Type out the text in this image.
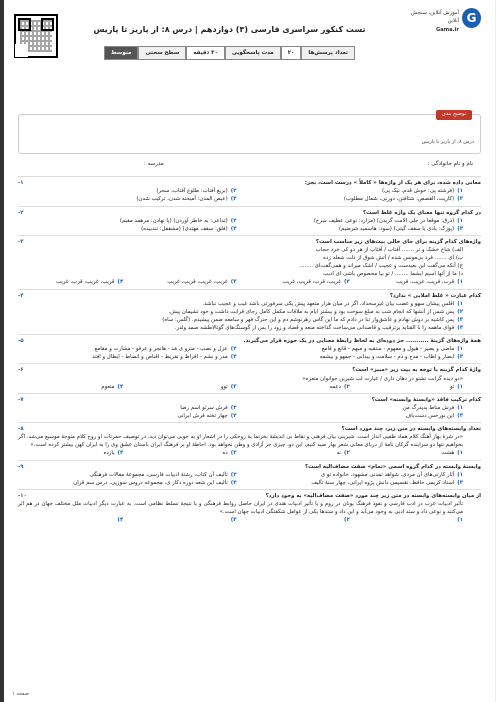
G
آموزش آنلاین، سنجش آنلاین
Gama.ir
تست کنکور سراسری فارسی (۳) دوازدهم | درس ۸: از پاریز تا پاریس
تعداد پرسش‌ها
۲۰
مدت پاسخگویی
۳۰ دقیقه
سطح سختی
متوسط
توضیح بندی
درس ۸: از پاریز تا پاریس
نام و نام خانوادگی :
مدرسه :
معانی داده شده، برای هر یک از واژه‌ها « کاملاً » درست است، بجز:
۱-
۱)
(فرشته پی: خوش قدم، نیک پی)
۲)
(بریغ آفتاب: طلوع آفتاب، سحر)
۳)
(کاریت، القصص: شتافتن، دورنی، شمال مطلوب)
۴)
(عیص المدن: آمیخته شدن، ترکیب شدن)
در کدام گروه تنها معنای یک واژه غلط است؟
۲-
۱)
(ذرق: موقعا در جلی الامت گزیدن) (مزارد: نوعی عطیف سرخ)
۲)
(تداعی: به خاطر آوردن) (پا نهادن: مرهمد مقیم)
۳)
(پوزک: یادی یا سقف گیتی) (سود: هاسمید شرضیم)
۴)
(فلق: سقف مهتدی) (مشقفل: تندبیده)
واژه‌های کدام گزینه برای جای خالی بیت‌های زیر مناسب است؟
۳-
الف) شاخ خشک و تر ....... آفتاب / آفتاب از هر دو کی خرد حجاب
ب) ای ....... فرد بی‌مونس شده / آتش شوق از دلت شعله زده
ج) آنکه می‌گفت این بعیدست و عجیب / اشک میراند و همی‌گفت‌ای ........
د) ما از آتها اسیم ایشما ........ / تو بیا محصوص باشی ای ادیب
۱)
قرب، قریب، غریب، قریب
۲)
غریب، قرب، قریب، غریب
۳)
غریب، غریب، قریب، غریب
۴)
قریب، غریب، قرب، غریب
کدام عبارت « غلط املایی » ندارد؟
۴-
۱)
اقلس پیشان سهو و غضب بیان غیرسحداد، اگر در میان هزار متعهد پیش یکی سرفورتی باشد غیب و عجیب نباشد.
۲)
پس شس از آنشها که انجام شب به مبلغ سوخت بود و بیشتر ایام به ملاقات مکمل کامل رجای قرابت داشت و خود تشیمان پیش.
۳)
پس کاشیه بر دوش نهادم و عاشق‌وار تنا در دادم که ما این گاس زهرنوشم دم و این جنرگ قهر و سامعه ضمن پیشیدم. (گلس: ساه)
۴)
قوای ماهمه را با القنایه برترقیب و قاصدانی می‌ساخت گذاخته منعه و قصاد و زود را بس از گوسنگ‌های گوتالاطشه صمد ولدر.
همهٔ واژه‌های گزینهٔ ........... جز دوده‌ای به لحاظ رابطهٔ معنایی در یک حوزه قرار می‌گیرند.
۵-
۱)
ماضی و بصیر - هیول و مفهوم - منتقبه و مبهم - قانع و قامع
۲)
عزل و نصب - منزو ی مَد - هانجر و عرقو - مشارت و مقامع
۳)
ابصار و اظاب - مدح و ذم - سلامت و بیدانی - جمهو و بیشمه
۴)
مدر و نشم - افراط و تفریط - اقناص و انصاط - ابطال و افتد
واژهٔ کدام گزینه با توجه به بیت زیر «مبیز» است؟
۶-
«دو دیده گرانت تشتو در دهان داری / عیارت لب شیرین جوانوان متعره»
۱)
تو
۲)
دعمه
۳)
ثوو
۴)
متعوم
کدام ترکیب فاقد «وابستهٔ وابسته» است؟
۷-
۱)
فرش مناط پدیدرگ من
۲)
فرش سرتو اسم رضا
۳)
این نورخس دست‌باف
۴)
چهار تخته فرش ایرانی
تعداد وابسته‌های وابسته در متن زیر، چند مورد است؟
۸-
«در شرهٔ بهار آهنگ کلام هماد ظفیی انداز است. شیرینی بیان فرهنی و نقاط بی اندیشهٔ بخرنما بهٔ روحکی را در اشعار او به خوبی می‌توان دید. در توصیف حمرتات او روح کلام متوجهٔ موسیع می‌شد. اگر بخواهیم تنها دو سراینده گرکان نامهٔ از دریای معانی شعر بهار صید کنیم، این دو، چیزی جز آزادی و وطن نخواهد بود. احاطهٔ او بر فرهنگ ایران باستان عشق وی را به ایران کهن بیشتر کرده است.»
۱)
هشت
۲)
نه
۳)
ده
۴)
یازده
وابستهٔ وابسته در کدام گروه اسمی «تمام» صفت مضاف‌الیه است؟
۹-
۱)
آثار کارتی‌های آن مردی، شواهد تمدنی مشهود، خانواده تو ی
۲)
تألیف آن کتاب، رشتهٔ ادبیات فارسی، مجموعهٔ مقالات فرهنگی
۳)
استاد کریمی حافظ، تقسیمی دانش پژوه ایرانی، چهار سنهٔ تألیف
۴)
تألیف این شعه دوره دکار ی، مجموعه دروس سوزیی، درس سم قران
از میان وابسته‌های وابسته در متن زیر چند مورد «صفت مضاف‌الیه» به وجود دارد؟
۱۰-
تأثیر ادبیات عرب در ادب فارسی و نفوذ فرهنگ یونان در روم و یا تأثیر ادبیات هندی در ایران حاصل روابط فرهنگی و یا نتیجهٔ تسلط نظامی است. به عبارت دیگر ادبیات ملل مختلف جهان در هم اثر می‌کنند و نوعی داد و ستد ادبی به وجود می‌آید و این داد و ستدها یکی از عوامل شکفتگی ادبیات جهان است.»
۱)
۲)
۳)
۴)
صفحه ۱
